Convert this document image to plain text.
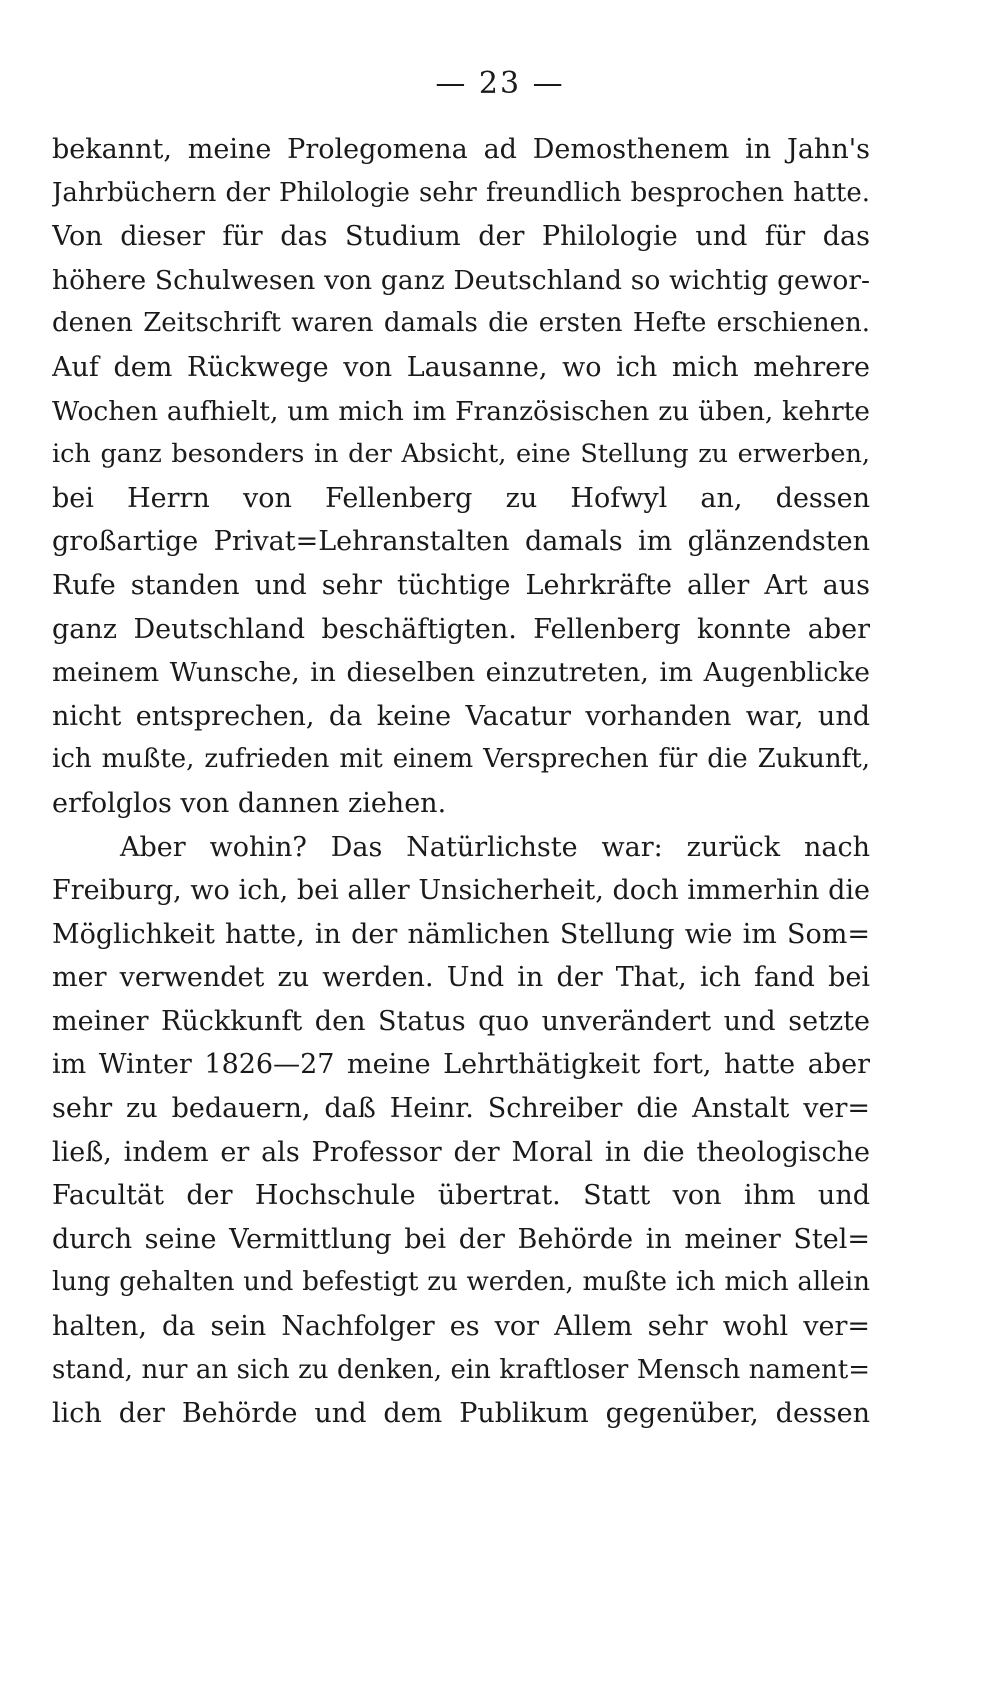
— 23 —
bekannt, meine Prolegomena ad Demosthenem in Jahn's
Jahrbüchern der Philologie sehr freundlich besprochen hatte.
Von dieser für das Studium der Philologie und für das
höhere Schulwesen von ganz Deutschland so wichtig gewor-
denen Zeitschrift waren damals die ersten Hefte erschienen.
Auf dem Rückwege von Lausanne, wo ich mich mehrere
Wochen aufhielt, um mich im Französischen zu üben, kehrte
ich ganz besonders in der Absicht, eine Stellung zu erwerben,
bei Herrn von Fellenberg zu Hofwyl an, dessen
großartige Privat=Lehranstalten damals im glänzendsten
Rufe standen und sehr tüchtige Lehrkräfte aller Art aus
ganz Deutschland beschäftigten. Fellenberg konnte aber
meinem Wunsche, in dieselben einzutreten, im Augenblicke
nicht entsprechen, da keine Vacatur vorhanden war, und
ich mußte, zufrieden mit einem Versprechen für die Zukunft,
erfolglos von dannen ziehen.
Aber wohin? Das Natürlichste war: zurück nach
Freiburg, wo ich, bei aller Unsicherheit, doch immerhin die
Möglichkeit hatte, in der nämlichen Stellung wie im Som=
mer verwendet zu werden. Und in der That, ich fand bei
meiner Rückkunft den Status quo unverändert und setzte
im Winter 1826—27 meine Lehrthätigkeit fort, hatte aber
sehr zu bedauern, daß Heinr. Schreiber die Anstalt ver=
ließ, indem er als Professor der Moral in die theologische
Facultät der Hochschule übertrat. Statt von ihm und
durch seine Vermittlung bei der Behörde in meiner Stel=
lung gehalten und befestigt zu werden, mußte ich mich allein
halten, da sein Nachfolger es vor Allem sehr wohl ver=
stand, nur an sich zu denken, ein kraftloser Mensch nament=
lich der Behörde und dem Publikum gegenüber, dessen
